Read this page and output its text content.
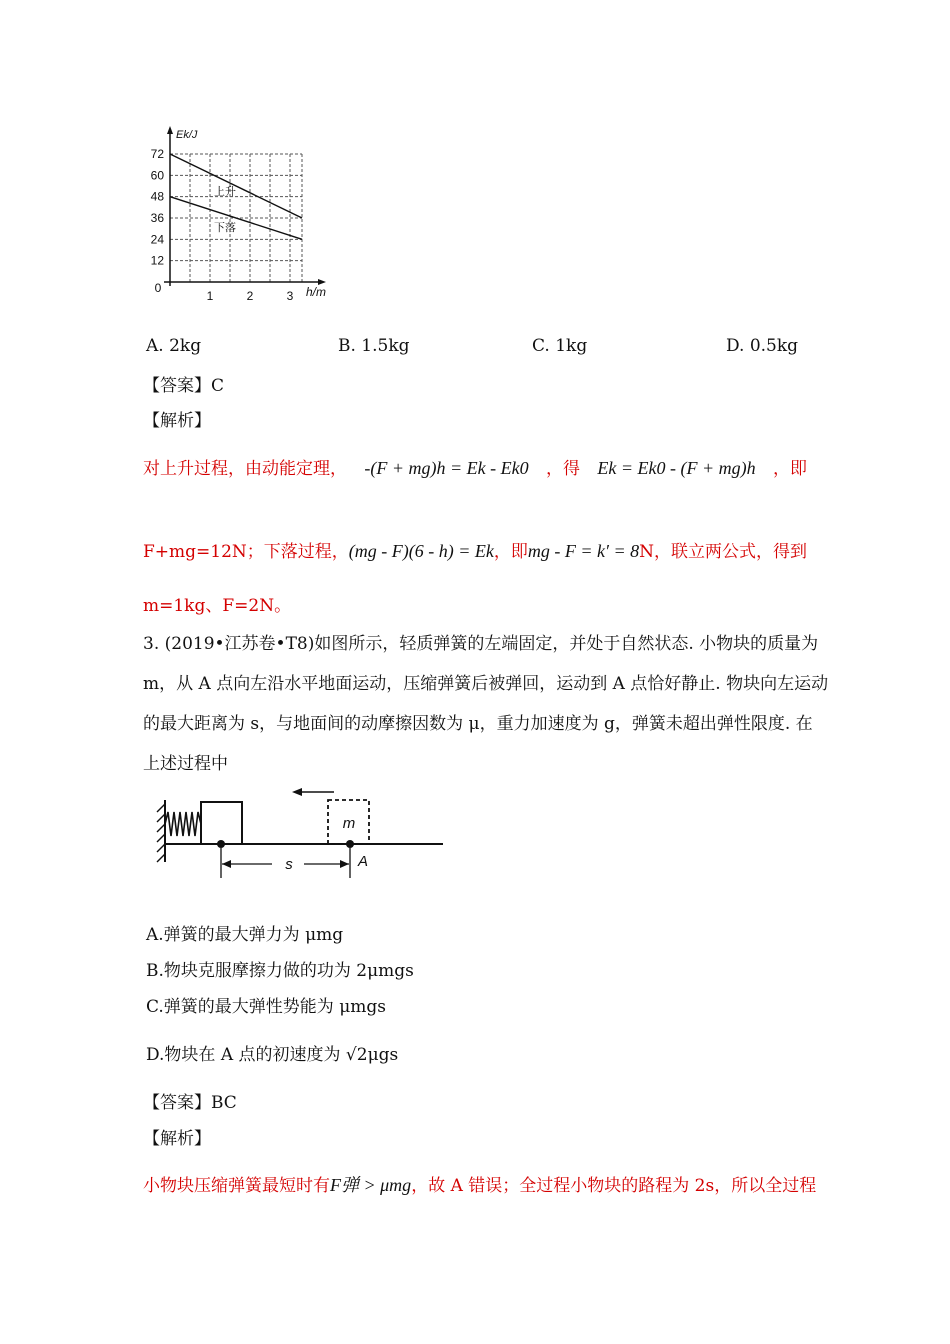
72
60
48
36
24
12
1	2	3
0
Ek/J
h/m
上升
下落
A. 2kg	B. 1.5kg	C. 1kg	D. 0.5kg
【答案】C
【解析】
对上升过程，由动能定理， -(F + mg)h = Ek - Ek0 ，得 Ek = Ek0 - (F + mg)h ，即
F+mg=12N；下落过程， (mg - F)(6 - h) = Ek ，即 mg - F = k′ = 8 N，联立两公式，得到
m=1kg、F=2N。
3. (2019•江苏卷•T8)如图所示，轻质弹簧的左端固定，并处于自然状态. 小物块的质量为
m，从 A 点向左沿水平地面运动，压缩弹簧后被弹回，运动到 A 点恰好静止. 物块向左运动
的最大距离为 s，与地面间的动摩擦因数为 μ，重力加速度为 g，弹簧未超出弹性限度. 在
上述过程中
m
s	A
A.弹簧的最大弹力为 μmg
B.物块克服摩擦力做的功为 2μmgs
C.弹簧的最大弹性势能为 μmgs
D.物块在 A 点的初速度为 √2μgs
【答案】BC
【解析】
小物块压缩弹簧最短时有 F弹 > μmg ，故 A 错误；全过程小物块的路程为 2s，所以全过程
